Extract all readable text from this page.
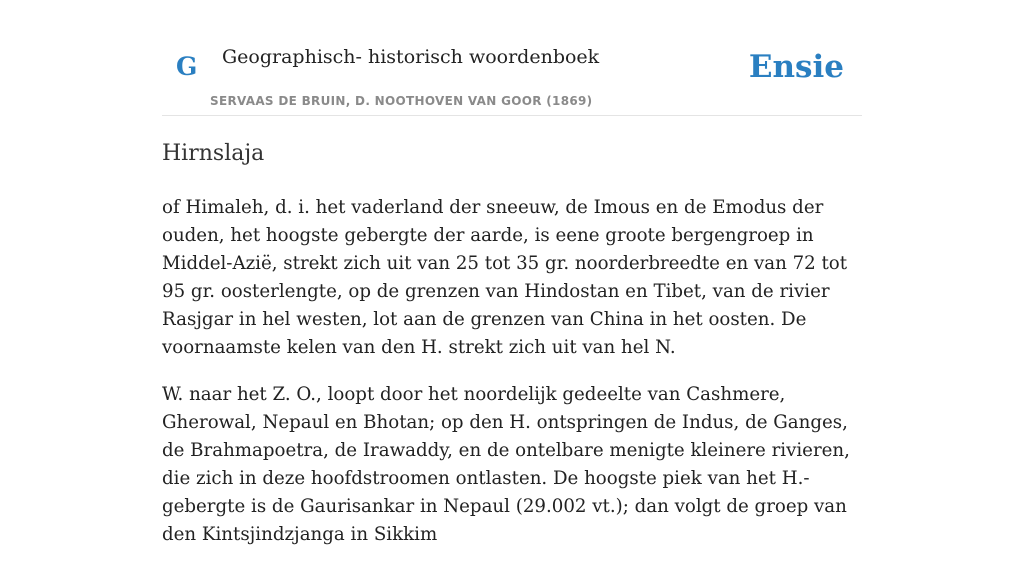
G Geographisch- historisch woordenboek
SERVAAS DE BRUIN, D. NOOTHOVEN VAN GOOR (1869)
Ensie
Hirnslaja

of Himaleh, d. i. het vaderland der sneeuw, de Imous en de Emodus der ouden, het hoogste gebergte der aarde, is eene groote bergengroep in Middel-Azië, strekt zich uit van 25 tot 35 gr. noorderbreedte en van 72 tot 95 gr. oosterlengte, op de grenzen van Hindostan en Tibet, van de rivier Rasjgar in hel westen, lot aan de grenzen van China in het oosten. De voornaamste kelen van den H. strekt zich uit van hel N.

W. naar het Z. O., loopt door het noordelijk gedeelte van Cashmere, Gherowal, Nepaul en Bhotan; op den H. ontspringen de Indus, de Ganges, de Brahmapoetra, de Irawaddy, en de ontelbare menigte kleinere rivieren, die zich in deze hoofdstroomen ontlasten. De hoogste piek van het H.-gebergte is de Gaurisankar in Nepaul (29.002 vt.); dan volgt de groep van den Kintsjindzjanga in Sikkim
